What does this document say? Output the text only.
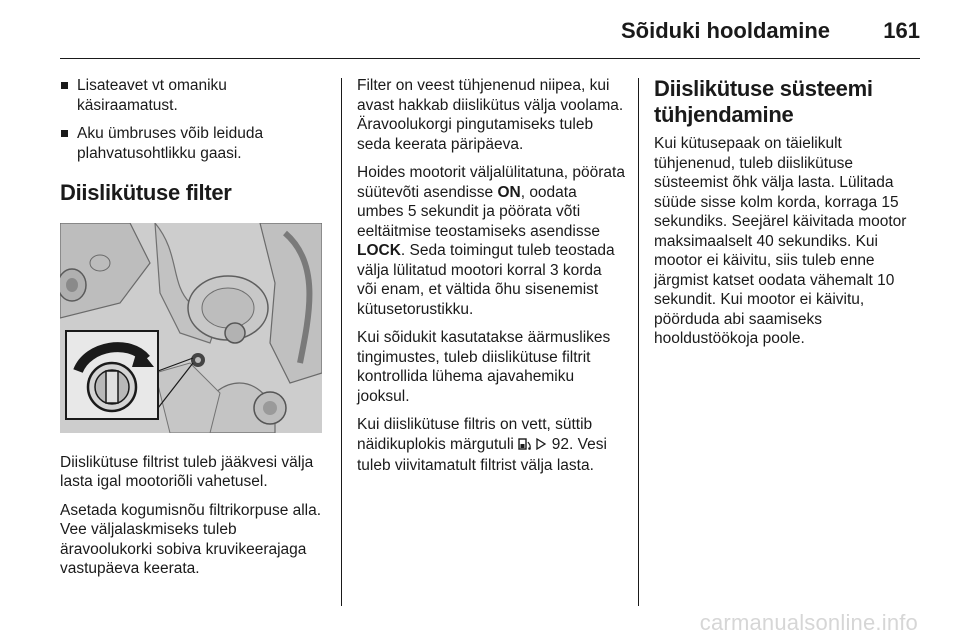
Sõiduki hooldamine 161
Lisateavet vt omaniku käsiraamatust.
Aku ümbruses võib leiduda plahvatusohtlikku gaasi.
Diislikütuse filter

Diislikütuse filtrist tuleb jääkvesi välja lasta igal mootoriõli vahetusel.

Asetada kogumisnõu filtrikorpuse alla. Vee väljalaskmiseks tuleb äravoolukorki sobiva kruvikeerajaga vastupäeva keerata.

Filter on veest tühjenenud niipea, kui avast hakkab diislikütus välja voolama. Äravoolukorgi pingutamiseks tuleb seda keerata päripäeva.

Hoides mootorit väljalülitatuna, pöörata süütevõti asendisse ON, oodata umbes 5 sekundit ja pöörata võti eeltäitmise teostamiseks asendisse LOCK. Seda toimingut tuleb teostada välja lülitatud mootori korral 3 korda või enam, et vältida õhu sisenemist kütusetorustikku.

Kui sõidukit kasutatakse äärmuslikes tingimustes, tuleb diislikütuse filtrit kontrollida lühema ajavahemiku jooksul.

Kui diislikütuse filtris on vett, süttib näidikuplokis märgutuli   92. Vesi tuleb viivitamatult filtrist välja lasta.

Diislikütuse süsteemi tühjendamine

Kui kütusepaak on täielikult tühjenenud, tuleb diislikütuse süsteemist õhk välja lasta. Lülitada süüde sisse kolm korda, korraga 15 sekundiks. Seejärel käivitada mootor maksimaalselt 40 sekundiks. Kui mootor ei käivitu, siis tuleb enne järgmist katset oodata vähemalt 10 sekundit. Kui mootor ei käivitu, pöörduda abi saamiseks hooldustöökoja poole.

carmanualsonline.info
